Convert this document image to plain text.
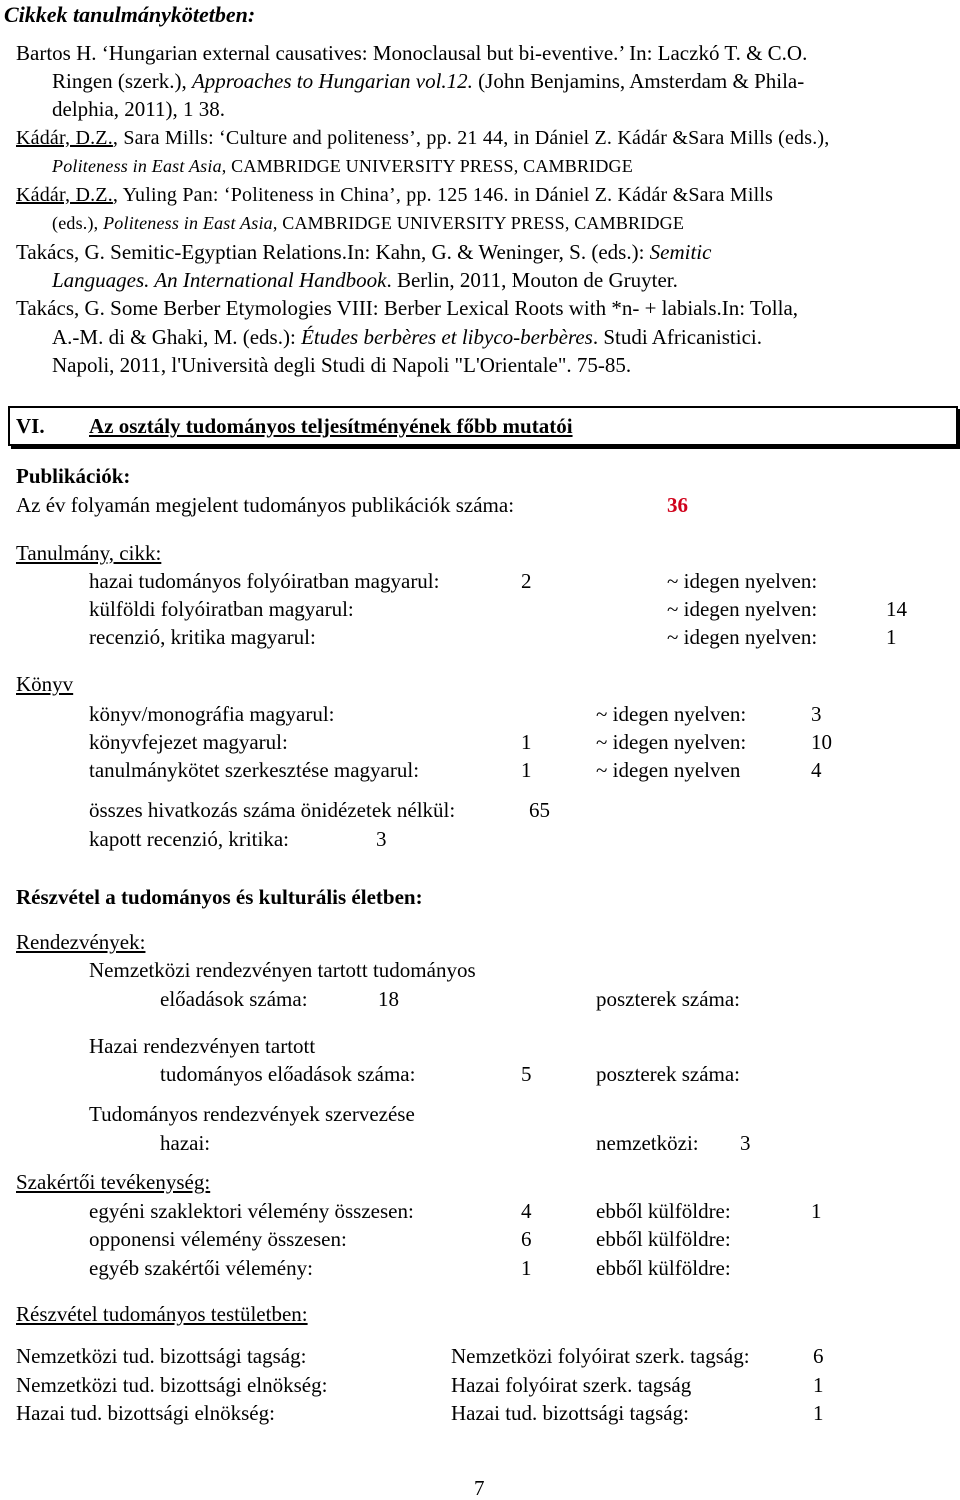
Cikkek tanulmánykötetben:
Bartos H. ‘Hungarian external causatives: Monoclausal but bi-eventive.’ In: Laczkó T. & C.O.
Ringen (szerk.), Approaches to Hungarian vol.12. (John Benjamins, Amsterdam & Phila-
delphia, 2011), 1 38.
Kádár, D.Z., Sara Mills: ‘Culture and politeness’, pp. 21 44, in Dániel Z. Kádár &Sara Mills (eds.),
Politeness in East Asia, CAMBRIDGE UNIVERSITY PRESS, CAMBRIDGE
Kádár, D.Z., Yuling Pan: ‘Politeness in China’, pp. 125 146. in Dániel Z. Kádár &Sara Mills
(eds.), Politeness in East Asia, CAMBRIDGE UNIVERSITY PRESS, CAMBRIDGE
Takács, G. Semitic-Egyptian Relations.In: Kahn, G. & Weninger, S. (eds.): Semitic
Languages. An International Handbook. Berlin, 2011, Mouton de Gruyter.
Takács, G. Some Berber Etymologies VIII: Berber Lexical Roots with *n- + labials.In: Tolla,
A.-M. di & Ghaki, M. (eds.): Études berbères et libyco-berbères. Studi Africanistici.
Napoli, 2011, l'Università degli Studi di Napoli "L'Orientale". 75-85.
VI. Az osztály tudományos teljesítményének főbb mutatói
Publikációk:
Az év folyamán megjelent tudományos publikációk száma:	36
Tanulmány, cikk:
hazai tudományos folyóiratban magyarul:	2	~ idegen nyelven:
külföldi folyóiratban magyarul:	~ idegen nyelven:	14
recenzió, kritika magyarul:	~ idegen nyelven:	1
Könyv
könyv/monográfia magyarul:	~ idegen nyelven:	3
könyvfejezet magyarul:	1	~ idegen nyelven:	10
tanulmánykötet szerkesztése magyarul:	1	~ idegen nyelven	4
összes hivatkozás száma önidézetek nélkül:	65
kapott recenzió, kritika:	3
Részvétel a tudományos és kulturális életben:
Rendezvények:
Nemzetközi rendezvényen tartott tudományos
előadások száma:	18	poszterek száma:
Hazai rendezvényen tartott
tudományos előadások száma:	5	poszterek száma:
Tudományos rendezvények szervezése
hazai:	nemzetközi: 3
Szakértői tevékenység:
egyéni szaklektori vélemény összesen:	4	ebből külföldre:	1
opponensi vélemény összesen:	6	ebből külföldre:
egyéb szakértői vélemény:	1	ebből külföldre:
Részvétel tudományos testületben:
Nemzetközi tud. bizottsági tagság:	Nemzetközi folyóirat szerk. tagság:	6
Nemzetközi tud. bizottsági elnökség:	Hazai folyóirat szerk. tagság	1
Hazai tud. bizottsági elnökség:	Hazai tud. bizottsági tagság:	1
7
